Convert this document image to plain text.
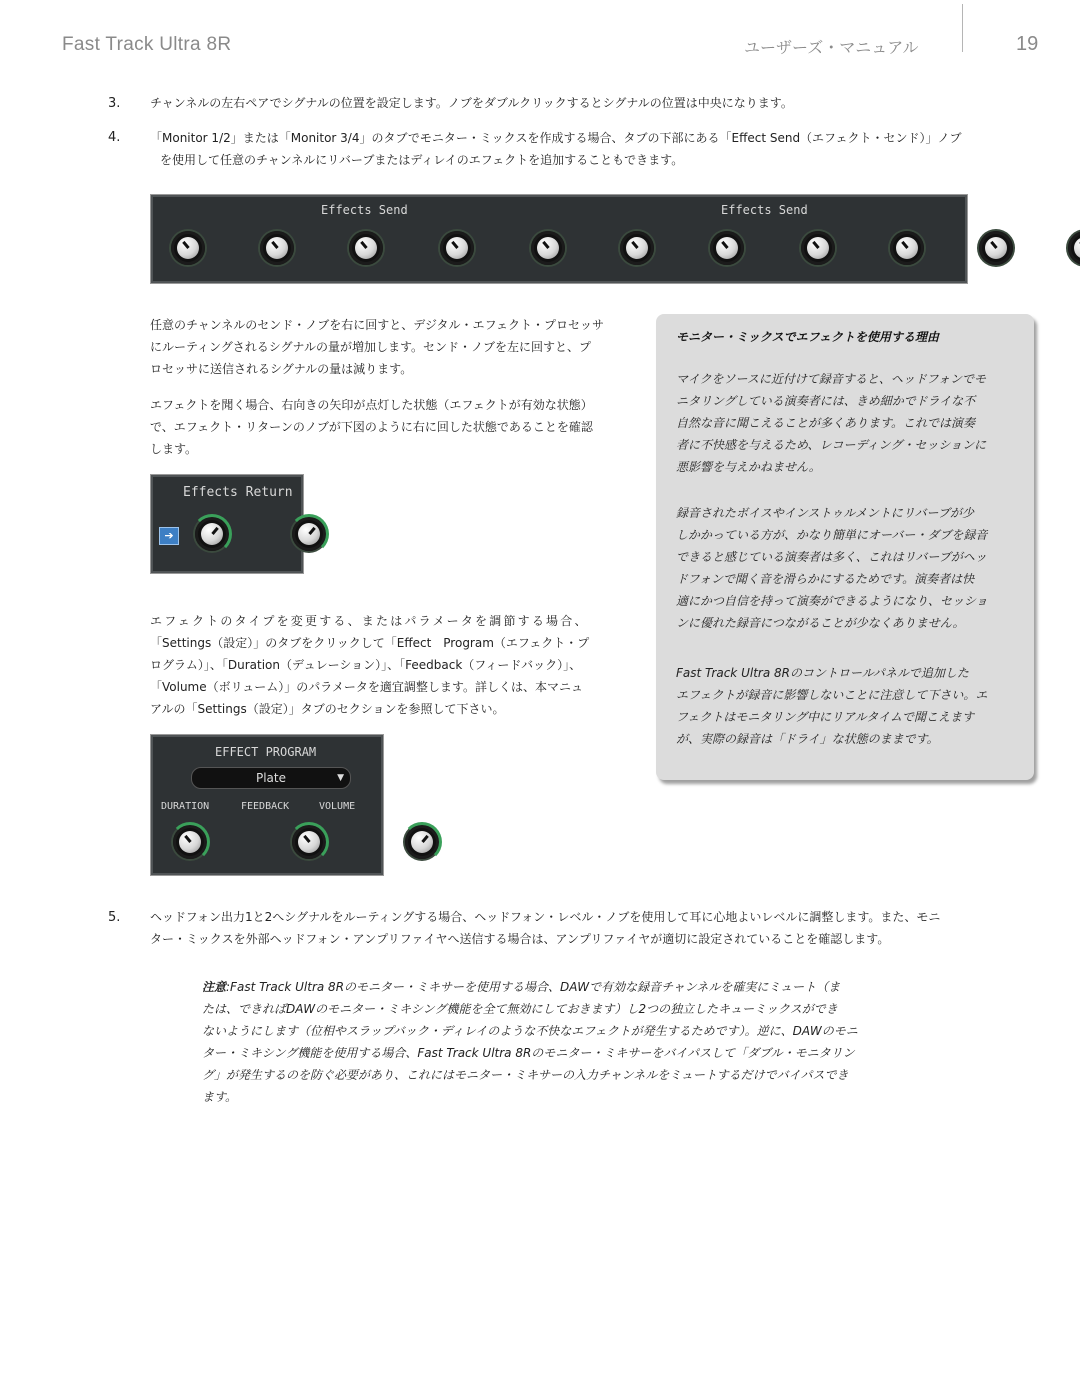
Fast Track Ultra 8R	ユーザーズ・マニュアル	19
3. チャンネルの左右ペアでシグナルの位置を設定します。ノブをダブルクリックするとシグナルの位置は中央になります。
4. 「Monitor 1/2」または「Monitor 3/4」のタブでモニター・ミックスを作成する場合、タブの下部にある「Effect Send（エフェクト・センド）」ノブ
を使用して任意のチャンネルにリバーブまたはディレイのエフェクトを追加することもできます。
Effects Send	Effects Send

任意のチャンネルのセンド・ノブを右に回すと、デジタル・エフェクト・プロセッサ
にルーティングされるシグナルの量が増加します。センド・ノブを左に回すと、プ
ロセッサに送信されるシグナルの量は減ります。
エフェクトを聞く場合、右向きの矢印が点灯した状態（エフェクトが有効な状態）
で、エフェクト・リターンのノブが下図のように右に回した状態であることを確認
します。
Effects Return
➔

エフェクトのタイプを変更する、またはパラメータを調節する場合、
「Settings（設定）」のタブをクリックして「Effect　Program（エフェクト・プ
ログラム）」、「Duration（デュレーション）」、「Feedback（フィードバック）」、
「Volume（ボリューム）」のパラメータを適宜調整します。詳しくは、本マニュ
アルの「Settings（設定）」タブのセクションを参照して下さい。
EFFECT PROGRAM
Plate	▼
DURATION	FEEDBACK	VOLUME

モニター・ミックスでエフェクトを使用する理由
マイクをソースに近付けて録音すると、ヘッドフォンでモ
ニタリングしている演奏者には、きめ細かでドライな不
自然な音に聞こえることが多くあります。これでは演奏
者に不快感を与えるため、レコーディング・セッションに
悪影響を与えかねません。
録音されたボイスやインストゥルメントにリバーブが少
しかかっている方が、かなり簡単にオーバー・ダブを録音
できると感じている演奏者は多く、これはリバーブがヘッ
ドフォンで聞く音を滑らかにするためです。演奏者は快
適にかつ自信を持って演奏ができるようになり、セッショ
ンに優れた録音につながることが少なくありません。
Fast Track Ultra 8Rのコントロールパネルで追加した
エフェクトが録音に影響しないことに注意して下さい。エ
フェクトはモニタリング中にリアルタイムで聞こえます
が、実際の録音は「ドライ」な状態のままです。
5. ヘッドフォン出力1と2へシグナルをルーティングする場合、ヘッドフォン・レベル・ノブを使用して耳に心地よいレベルに調整します。また、モニ
ター・ミックスを外部ヘッドフォン・アンプリファイヤへ送信する場合は、アンプリファイヤが適切に設定されていることを確認します。
注意:Fast Track Ultra 8Rのモニター・ミキサーを使用する場合、DAWで有効な録音チャンネルを確実にミュート（ま
たは、できればDAWのモニター・ミキシング機能を全て無効にしておきます）し2つの独立したキューミックスができ
ないようにします（位相やスラップバック・ディレイのような不快なエフェクトが発生するためです）。逆に、DAWのモニ
ター・ミキシング機能を使用する場合、Fast Track Ultra 8Rのモニター・ミキサーをバイパスして「ダブル・モニタリン
グ」が発生するのを防ぐ必要があり、これにはモニター・ミキサーの入力チャンネルをミュートするだけでバイパスでき
ます。
